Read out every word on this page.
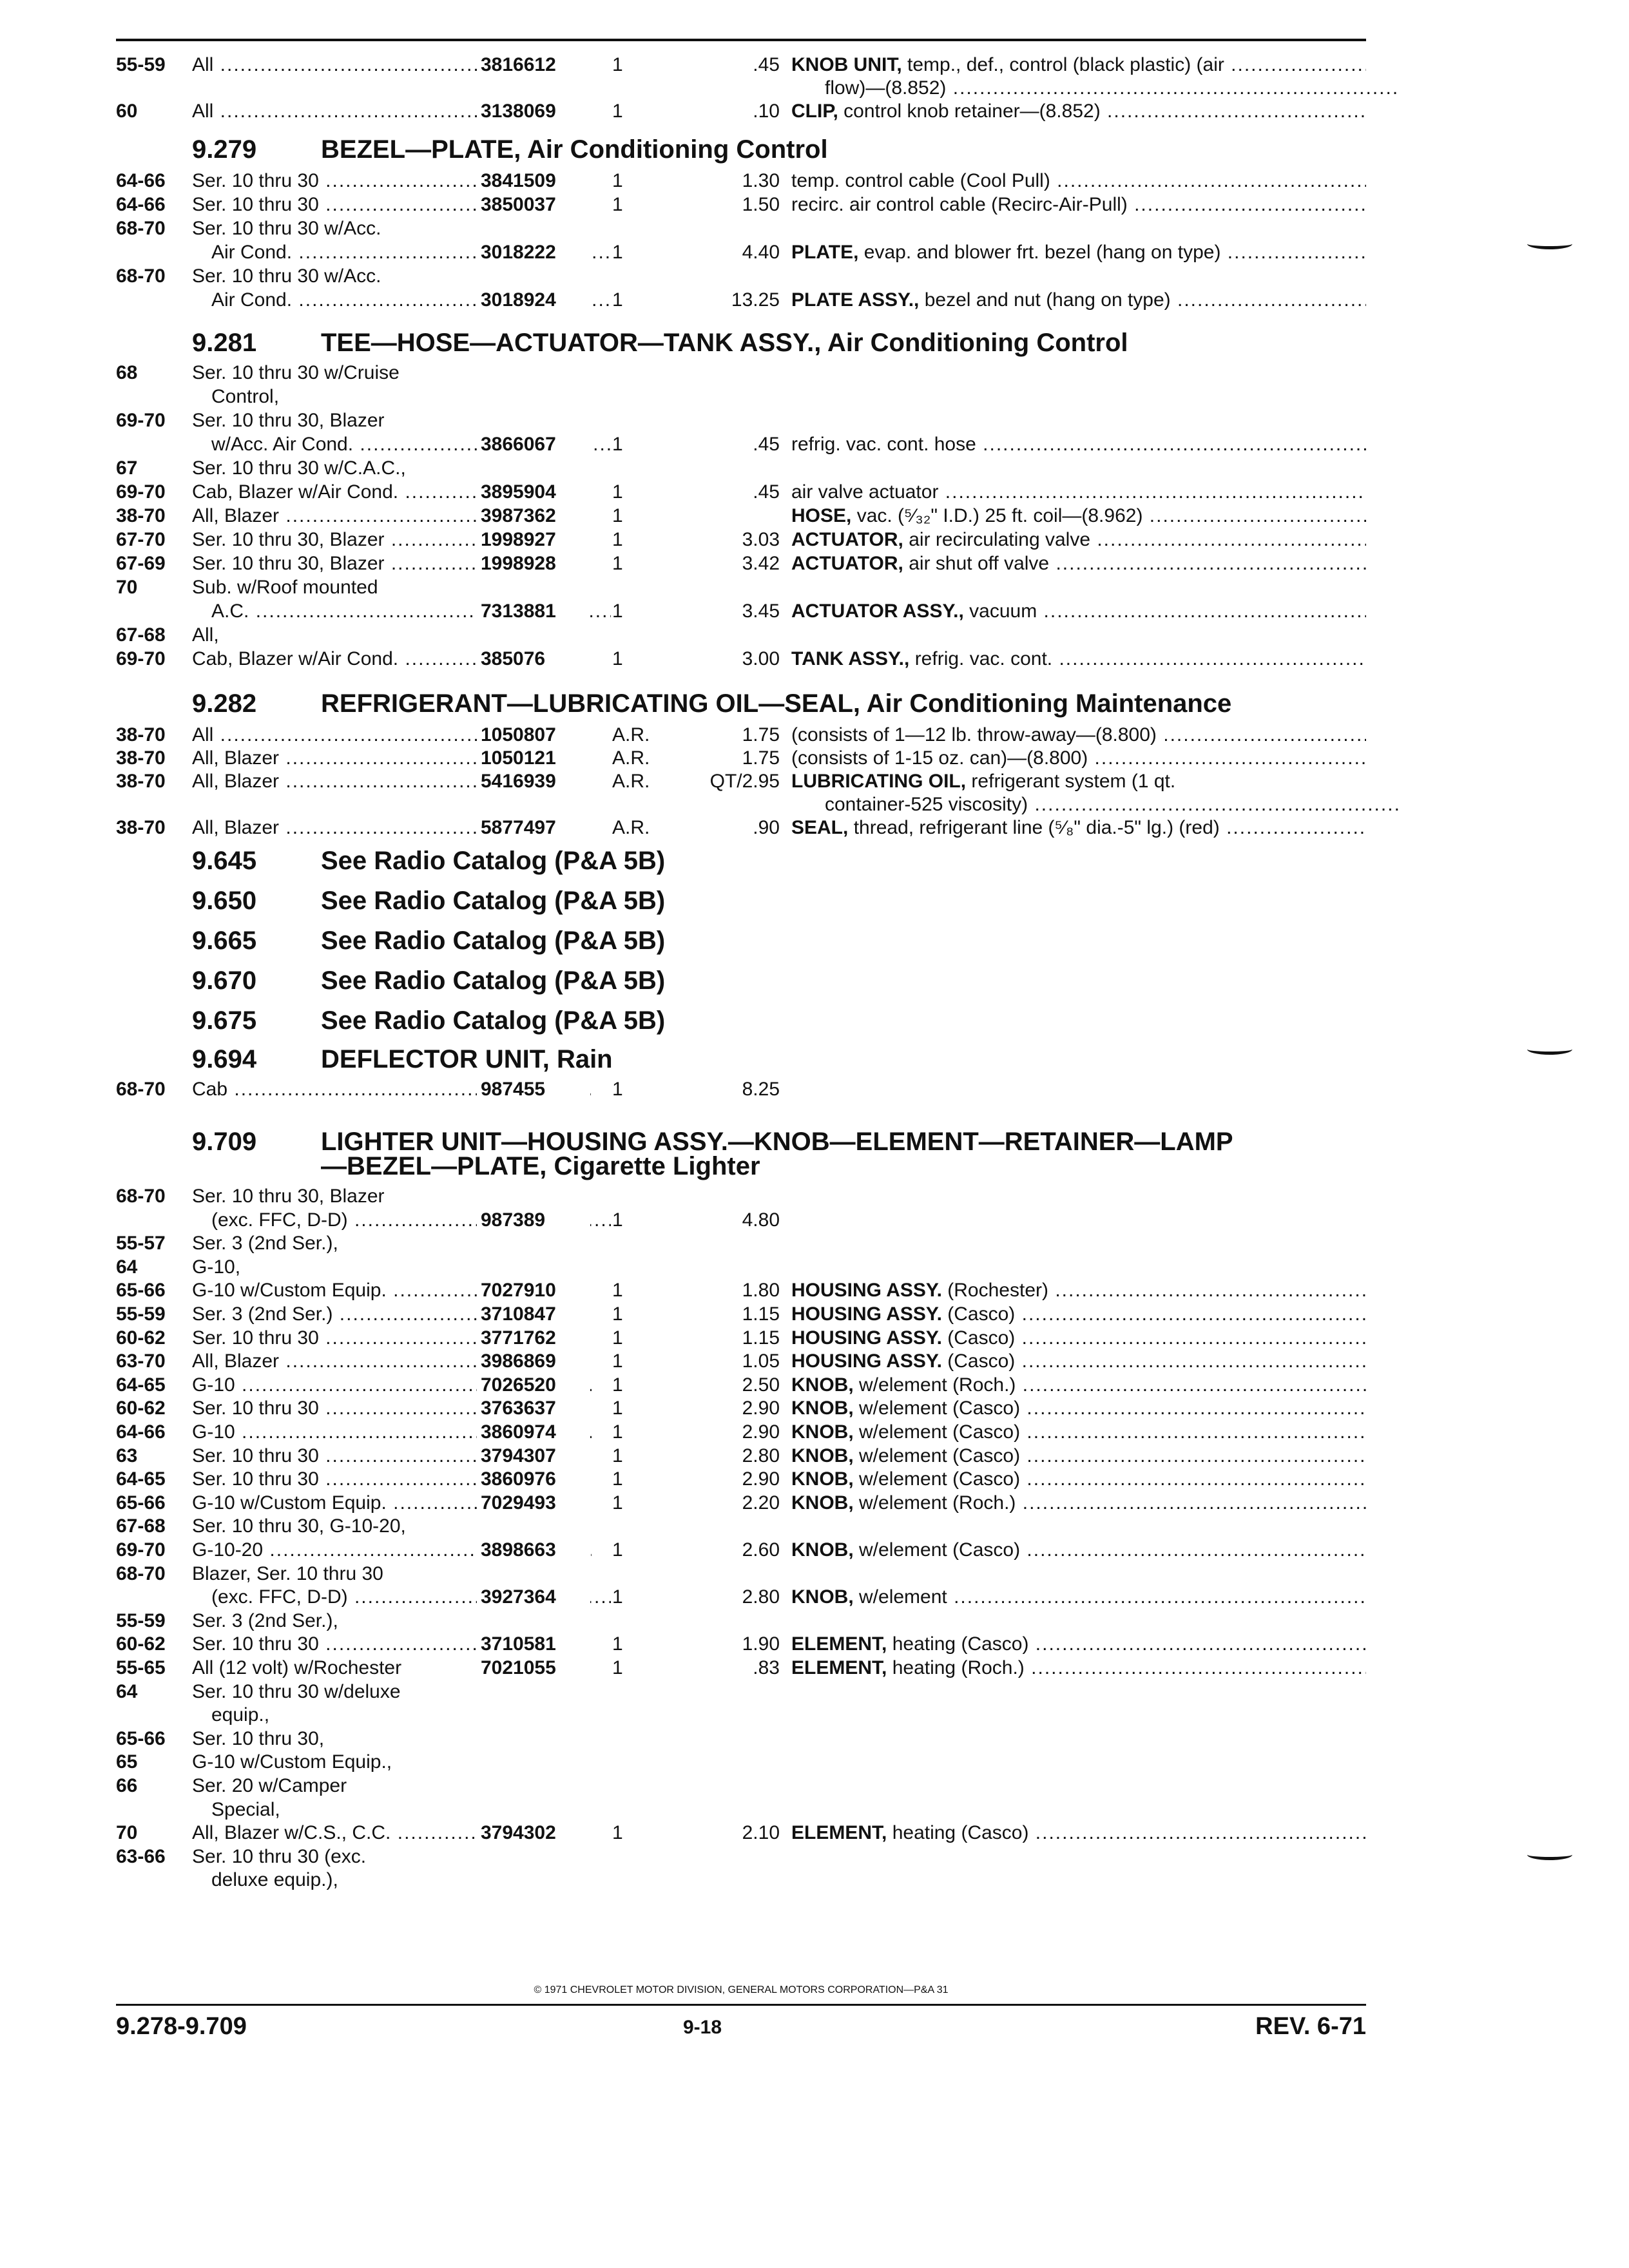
55-59	All .....	3816612	1	.45 KNOB UNIT, temp., def., control (black plastic) (air .....
flow)—(8.852) .....
60	All .....	3138069	1	.10 CLIP, control knob retainer—(8.852) .....
9.279	BEZEL—PLATE, Air Conditioning Control
64-66	Ser. 10 thru 30 .....	3841509	1	1.30 temp. control cable (Cool Pull) .....
64-66	Ser. 10 thru 30 .....	3850037	1	1.50 recirc. air control cable (Recirc-Air-Pull) .....
68-70	Ser. 10 thru 30 w/Acc.
Air Cond. .....	3018222	1	4.40 PLATE, evap. and blower frt. bezel (hang on type) .....
68-70	Ser. 10 thru 30 w/Acc.
Air Cond. .....	3018924	1	13.25 PLATE ASSY., bezel and nut (hang on type) .....
9.281	TEE—HOSE—ACTUATOR—TANK ASSY., Air Conditioning Control
68	Ser. 10 thru 30 w/Cruise
Control,
69-70	Ser. 10 thru 30, Blazer
w/Acc. Air Cond. .....	3866067	1	.45 refrig. vac. cont. hose .....
67	Ser. 10 thru 30 w/C.A.C.,
69-70	Cab, Blazer w/Air Cond. .....	3895904	1	.45 air valve actuator .....
38-70	All, Blazer .....	3987362	1	HOSE, vac. (⁵⁄₃₂" I.D.) 25 ft. coil—(8.962) .....
67-70	Ser. 10 thru 30, Blazer .....	1998927	1	3.03 ACTUATOR, air recirculating valve .....
67-69	Ser. 10 thru 30, Blazer .....	1998928	1	3.42 ACTUATOR, air shut off valve .....
70	Sub. w/Roof mounted
A.C. .....	7313881	1	3.45 ACTUATOR ASSY., vacuum .....
67-68	All,
69-70	Cab, Blazer w/Air Cond. .....	385076	1	3.00 TANK ASSY., refrig. vac. cont. .....
9.282	REFRIGERANT—LUBRICATING OIL—SEAL, Air Conditioning Maintenance
38-70	All .....	1050807	A.R.	1.75 (consists of 1—12 lb. throw-away—(8.800) .....
38-70	All, Blazer .....	1050121	A.R.	1.75 (consists of 1-15 oz. can)—(8.800) .....
38-70	All, Blazer .....	5416939	A.R.	QT/2.95 LUBRICATING OIL, refrigerant system (1 qt.
container-525 viscosity) .....
38-70	All, Blazer .....	5877497	A.R.	.90 SEAL, thread, refrigerant line (⁵⁄₈" dia.-5" lg.) (red) .....
9.645	See Radio Catalog (P&A 5B)
9.650	See Radio Catalog (P&A 5B)
9.665	See Radio Catalog (P&A 5B)
9.670	See Radio Catalog (P&A 5B)
9.675	See Radio Catalog (P&A 5B)
9.694	DEFLECTOR UNIT, Rain
68-70	Cab .....	987455	1	8.25
9.709	LIGHTER UNIT—HOUSING ASSY.—KNOB—ELEMENT—RETAINER—LAMP
—BEZEL—PLATE, Cigarette Lighter
68-70	Ser. 10 thru 30, Blazer
(exc. FFC, D-D) .....	987389	1	4.80
55-57	Ser. 3 (2nd Ser.),
64	G-10,
65-66	G-10 w/Custom Equip. .....	7027910	1	1.80 HOUSING ASSY. (Rochester) .....
55-59	Ser. 3 (2nd Ser.) .....	3710847	1	1.15 HOUSING ASSY. (Casco) .....
60-62	Ser. 10 thru 30 .....	3771762	1	1.15 HOUSING ASSY. (Casco) .....
63-70	All, Blazer .....	3986869	1	1.05 HOUSING ASSY. (Casco) .....
64-65	G-10 .....	7026520	1	2.50 KNOB, w/element (Roch.) .....
60-62	Ser. 10 thru 30 .....	3763637	1	2.90 KNOB, w/element (Casco) .....
64-66	G-10 .....	3860974	1	2.90 KNOB, w/element (Casco) .....
63	Ser. 10 thru 30 .....	3794307	1	2.80 KNOB, w/element (Casco) .....
64-65	Ser. 10 thru 30 .....	3860976	1	2.90 KNOB, w/element (Casco) .....
65-66	G-10 w/Custom Equip. .....	7029493	1	2.20 KNOB, w/element (Roch.) .....
67-68	Ser. 10 thru 30, G-10-20,
69-70	G-10-20 .....	3898663	1	2.60 KNOB, w/element (Casco) .....
68-70	Blazer, Ser. 10 thru 30
(exc. FFC, D-D) .....	3927364	1	2.80 KNOB, w/element .....
55-59	Ser. 3 (2nd Ser.),
60-62	Ser. 10 thru 30 .....	3710581	1	1.90 ELEMENT, heating (Casco) .....
55-65	All (12 volt) w/Rochester	7021055	1	.83 ELEMENT, heating (Roch.) .....
64	Ser. 10 thru 30 w/deluxe
equip.,
65-66	Ser. 10 thru 30,
65	G-10 w/Custom Equip.,
66	Ser. 20 w/Camper
Special,
70	All, Blazer w/C.S., C.C. .....	3794302	1	2.10 ELEMENT, heating (Casco) .....
63-66	Ser. 10 thru 30 (exc.
deluxe equip.),
© 1971 CHEVROLET MOTOR DIVISION, GENERAL MOTORS CORPORATION—P&A 31
9.278-9.709	9-18	REV. 6-71
